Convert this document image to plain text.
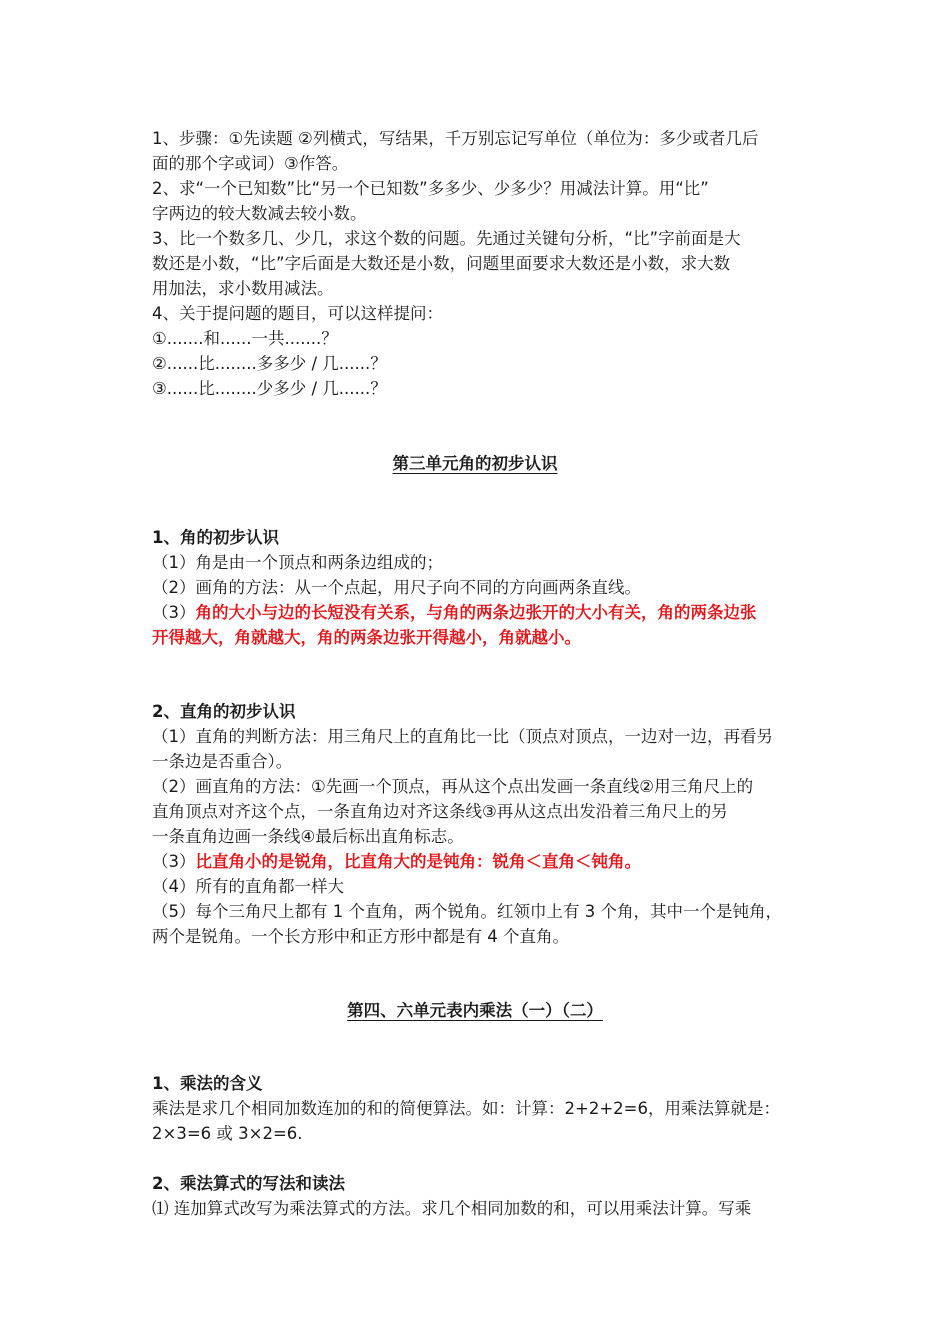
1、步骤：①先读题 ②列横式，写结果，千万别忘记写单位（单位为：多少或者几后

面的那个字或词）③作答。

2、求“一个已知数”比“另一个已知数”多多少、少多少？用减法计算。用“比”

字两边的较大数减去较小数。

3、比一个数多几、少几，求这个数的问题。先通过关键句分析，“比”字前面是大

数还是小数，“比”字后面是大数还是小数，问题里面要求大数还是小数，求大数

用加法，求小数用减法。

4、关于提问题的题目，可以这样提问：

①.......和......一共.......？

②......比........多多少 / 几......？

③......比........少多少 / 几......？

第三单元角的初步认识

1、角的初步认识

（1）角是由一个顶点和两条边组成的；

（2）画角的方法：从一个点起，用尺子向不同的方向画两条直线。

（3）角的大小与边的长短没有关系，与角的两条边张开的大小有关，角的两条边张

开得越大，角就越大，角的两条边张开得越小，角就越小。

2、直角的初步认识

（1）直角的判断方法：用三角尺上的直角比一比（顶点对顶点，一边对一边，再看另

一条边是否重合）。

（2）画直角的方法：①先画一个顶点，再从这个点出发画一条直线②用三角尺上的

直角顶点对齐这个点，一条直角边对齐这条线③再从这点出发沿着三角尺上的另

一条直角边画一条线④最后标出直角标志。

（3）比直角小的是锐角，比直角大的是钝角：锐角＜直角＜钝角。

（4）所有的直角都一样大

（5）每个三角尺上都有 1 个直角，两个锐角。红领巾上有 3 个角，其中一个是钝角，

两个是锐角。一个长方形中和正方形中都是有 4 个直角。

第四、六单元表内乘法（一）（二）

1、乘法的含义

乘法是求几个相同加数连加的和的简便算法。如：计算：2+2+2=6，用乘法算就是：

2×3=6 或 3×2=6.

2、乘法算式的写法和读法

⑴ 连加算式改写为乘法算式的方法。求几个相同加数的和，可以用乘法计算。写乘
